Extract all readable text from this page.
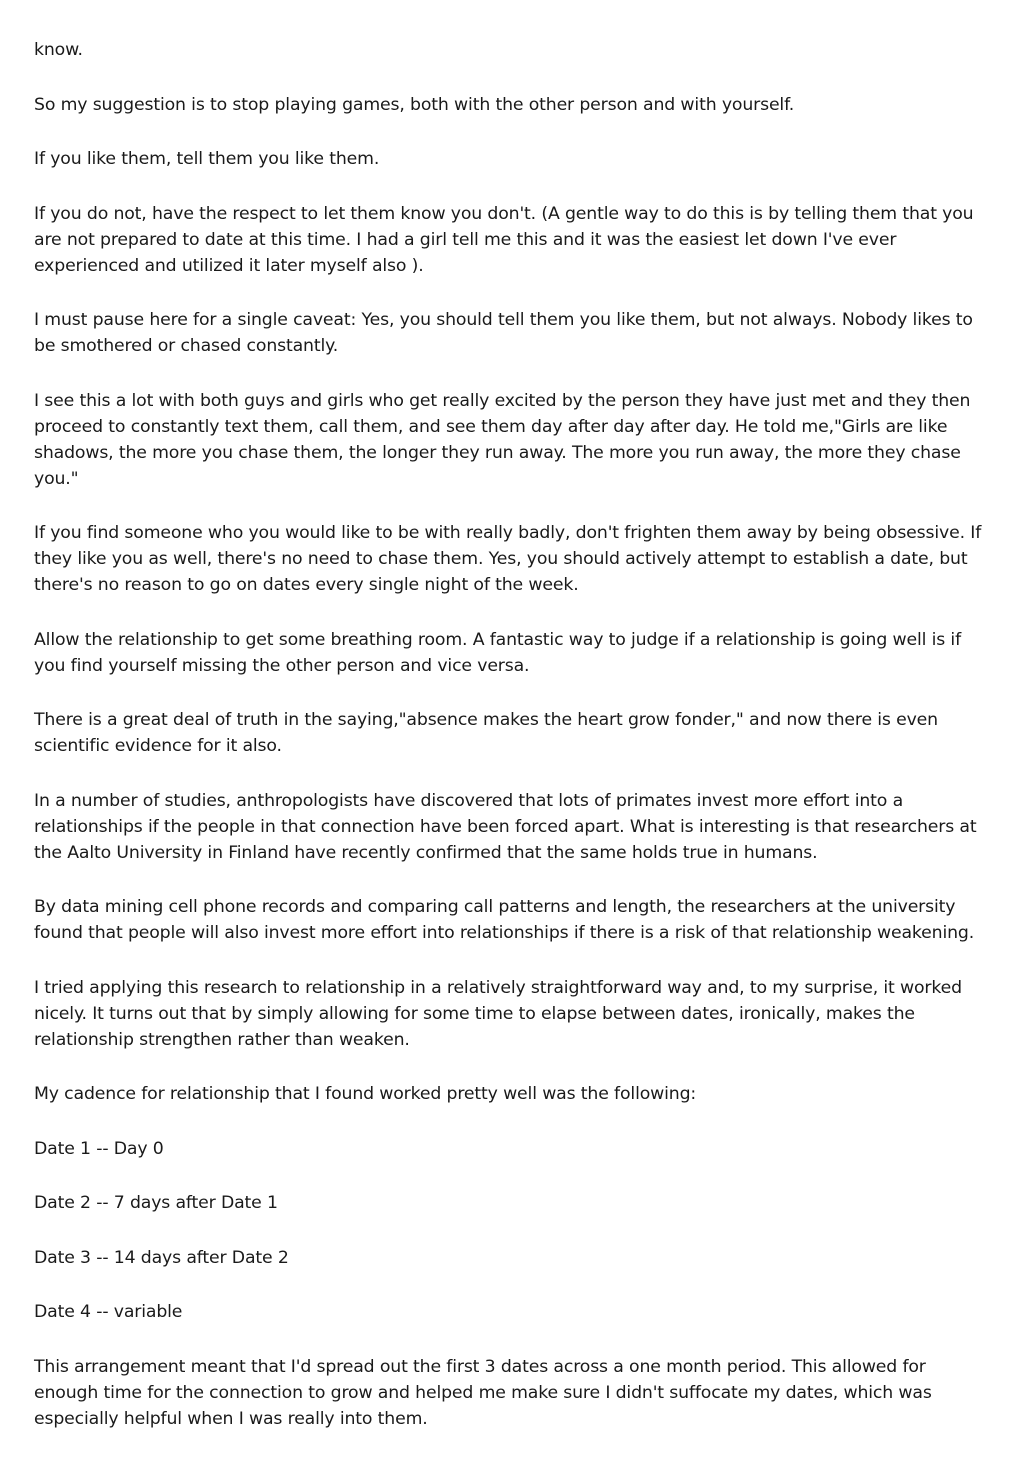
know.

So my suggestion is to stop playing games, both with the other person and with yourself.

If you like them, tell them you like them.

If you do not, have the respect to let them know you don't. (A gentle way to do this is by telling them that you are not prepared to date at this time. I had a girl tell me this and it was the easiest let down I've ever experienced and utilized it later myself also ).

I must pause here for a single caveat: Yes, you should tell them you like them, but not always. Nobody likes to be smothered or chased constantly.

I see this a lot with both guys and girls who get really excited by the person they have just met and they then proceed to constantly text them, call them, and see them day after day after day. He told me,"Girls are like shadows, the more you chase them, the longer they run away. The more you run away, the more they chase you."

If you find someone who you would like to be with really badly, don't frighten them away by being obsessive. If they like you as well, there's no need to chase them. Yes, you should actively attempt to establish a date, but there's no reason to go on dates every single night of the week.

Allow the relationship to get some breathing room. A fantastic way to judge if a relationship is going well is if you find yourself missing the other person and vice versa.

There is a great deal of truth in the saying,"absence makes the heart grow fonder," and now there is even scientific evidence for it also.

In a number of studies, anthropologists have discovered that lots of primates invest more effort into a relationships if the people in that connection have been forced apart. What is interesting is that researchers at the Aalto University in Finland have recently confirmed that the same holds true in humans.

By data mining cell phone records and comparing call patterns and length, the researchers at the university found that people will also invest more effort into relationships if there is a risk of that relationship weakening.

I tried applying this research to relationship in a relatively straightforward way and, to my surprise, it worked nicely. It turns out that by simply allowing for some time to elapse between dates, ironically, makes the relationship strengthen rather than weaken.

My cadence for relationship that I found worked pretty well was the following:

Date 1 -- Day 0

Date 2 -- 7 days after Date 1

Date 3 -- 14 days after Date 2

Date 4 -- variable

This arrangement meant that I'd spread out the first 3 dates across a one month period. This allowed for enough time for the connection to grow and helped me make sure I didn't suffocate my dates, which was especially helpful when I was really into them.
